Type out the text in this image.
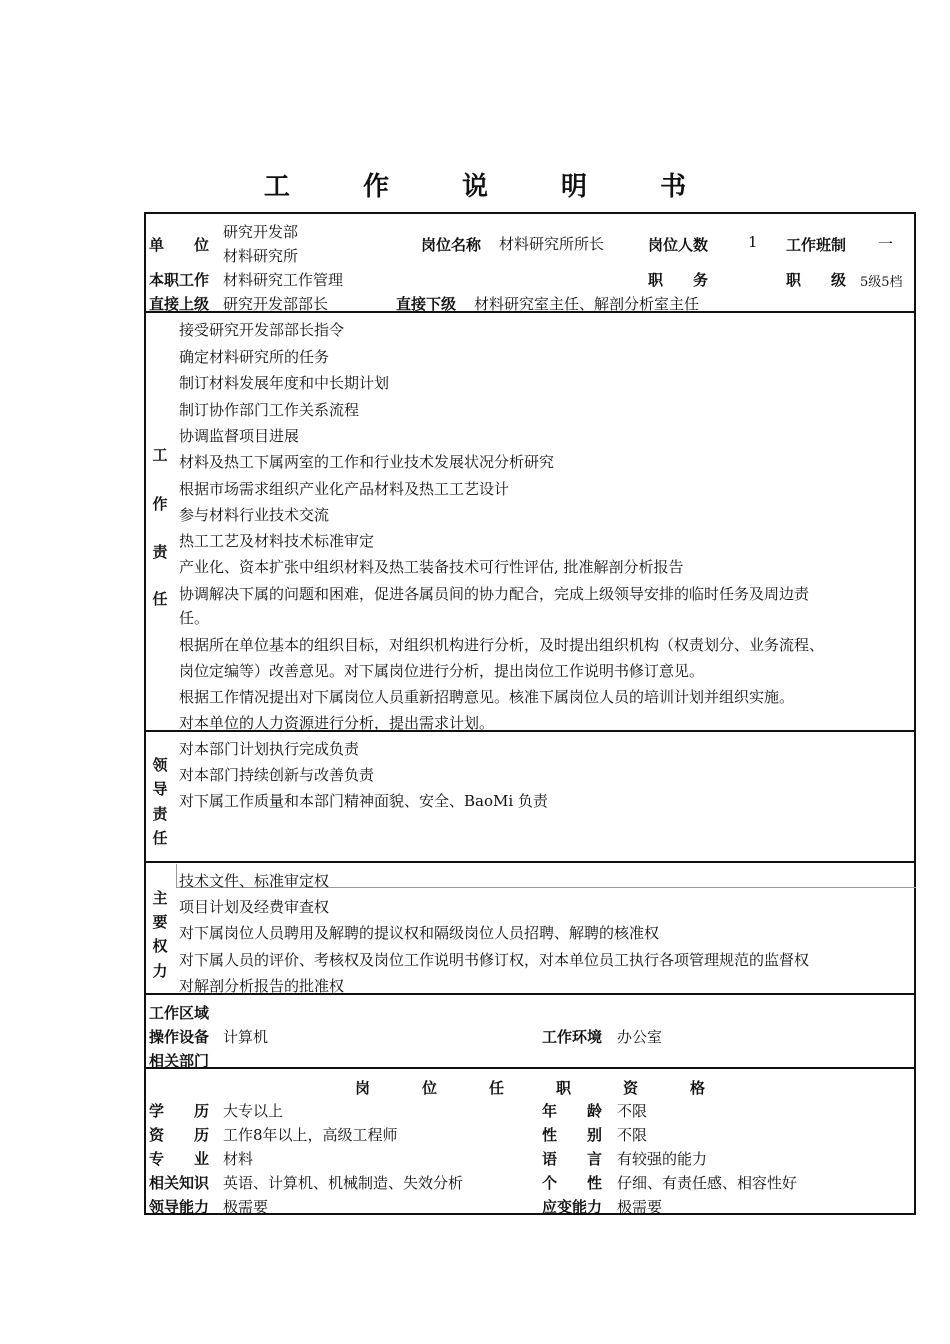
工 作 说 明 书
单　　位
研究开发部
材料研究所
岗位名称 材料研究所所长	岗位人数	1 工作班制 一
本职工作 材料研究工作管理	职　　务	职　　级 5级5档
直接上级 研究开发部部长	直接下级 材料研究室主任、解剖分析室主任
工
作
责
任
接受研究开发部部长指令
确定材料研究所的任务
制订材料发展年度和中长期计划
制订协作部门工作关系流程
协调监督项目进展
材料及热工下属两室的工作和行业技术发展状况分析研究
根据市场需求组织产业化产品材料及热工工艺设计
参与材料行业技术交流
热工工艺及材料技术标准审定
产业化、资本扩张中组织材料及热工装备技术可行性评估, 批准解剖分析报告
协调解决下属的问题和困难，促进各属员间的协力配合，完成上级领导安排的临时任务及周边责
任。
根据所在单位基本的组织目标，对组织机构进行分析，及时提出组织机构（权责划分、业务流程、
岗位定编等）改善意见。对下属岗位进行分析，提出岗位工作说明书修订意见。
根据工作情况提出对下属岗位人员重新招聘意见。核准下属岗位人员的培训计划并组织实施。
对本单位的人力资源进行分析，提出需求计划。
领
导
责
任
对本部门计划执行完成负责
对本部门持续创新与改善负责
对下属工作质量和本部门精神面貌、安全、BaoMi 负责
主
要
权
力
技术文件、标准审定权
项目计划及经费审查权
对下属岗位人员聘用及解聘的提议权和隔级岗位人员招聘、解聘的核准权
对下属人员的评价、考核权及岗位工作说明书修订权，对本单位员工执行各项管理规范的监督权
对解剖分析报告的批准权
工作区域
操作设备 计算机	工作环境 办公室
相关部门
岗	位	任	职	资	格
学　　历 大专以上	年　　龄 不限
资　　历 工作8年以上，高级工程师	性　　别 不限
专　　业 材料	语　　言 有较强的能力
相关知识 英语、计算机、机械制造、失效分析	个　　性 仔细、有责任感、相容性好
领导能力 极需要	应变能力 极需要
